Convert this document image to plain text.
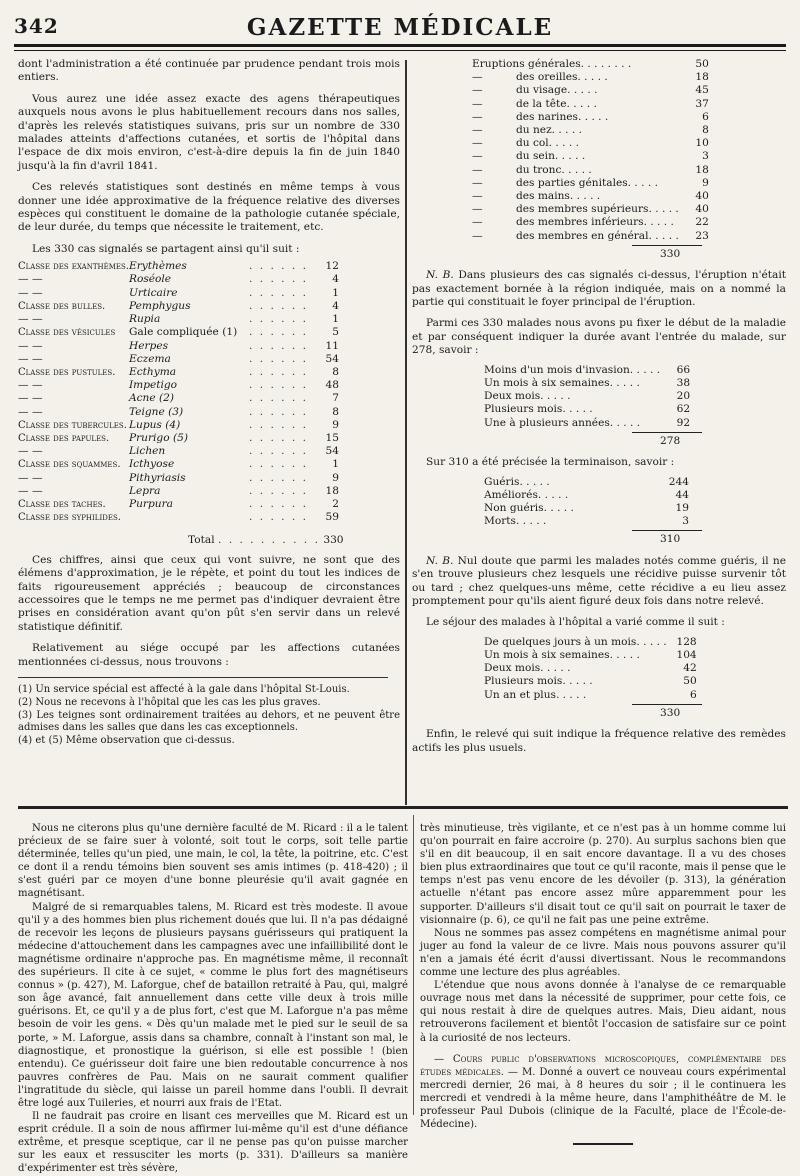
GAZETTE MÉDICALE
342

dont l'administration a été continuée par prudence pendant trois mois entiers.

Vous aurez une idée assez exacte des agens thérapeutiques auxquels nous avons le plus habituellement recours dans nos salles, d'après les relevés statistiques suivans, pris sur un nombre de 330 malades atteints d'affections cutanées, et sortis de l'hôpital dans l'espace de dix mois environ, c'est-à-dire depuis la fin de juin 1840 jusqu'à la fin d'avril 1841.

Ces relevés statistiques sont destinés en même temps à vous donner une idée approximative de la fréquence relative des diverses espèces qui constituent le domaine de la pathologie cutanée spéciale, de leur durée, du temps que nécessite le traitement, etc.

Les 330 cas signalés se partagent ainsi qu'il suit :

Classe des exanthèmes.	Erythèmes	. . . . . .	12
— —	Roséole	. . . . . .	4
— —	Urticaire	. . . . . .	1
Classe des bulles.	Pemphygus	. . . . . .	4
— —	Rupia	. . . . . .	1
Classe des vésicules	Gale compliquée (1)	. . . . . .	5
— —	Herpes	. . . . . .	11
— —	Eczema	. . . . . .	54
Classe des pustules.	Ecthyma	. . . . . .	8
— —	Impetigo	. . . . . .	48
— —	Acne (2)	. . . . . .	7
— —	Teigne (3)	. . . . . .	8
Classe des tubercules.	Lupus (4)	. . . . . .	9
Classe des papules.	Prurigo (5)	. . . . . .	15
— —	Lichen	. . . . . .	54
Classe des squammes.	Icthyose	. . . . . .	1
— —	Pithyriasis	. . . . . .	9
— —	Lepra	. . . . . .	18
Classe des taches.	Purpura	. . . . . .	2
Classe des syphilides.		. . . . . .	59
Total . . . . . . . . . . 330

Ces chiffres, ainsi que ceux qui vont suivre, ne sont que des élémens d'approximation, je le répète, et point du tout les indices de faits rigoureusement appréciés ; beaucoup de circonstances accessoires que le temps ne me permet pas d'indiquer devraient être prises en considération avant qu'on pût s'en servir dans un relevé statistique définitif.

Relativement au siége occupé par les affections cutanées mentionnées ci-dessus, nous trouvons :

(1) Un service spécial est affecté à la gale dans l'hôpital St-Louis.
(2) Nous ne recevons à l'hôpital que les cas les plus graves.
(3) Les teignes sont ordinairement traitées au dehors, et ne peuvent être admises dans les salles que dans les cas exceptionnels.
(4) et (5) Même observation que ci-dessus.
Eruptions générales. . . . . . . .		50
—	des oreilles. . . . .	18
—	du visage. . . . .	45
—	de la tête. . . . .	37
—	des narines. . . . .	6
—	du nez. . . . .	8
—	du col. . . . .	10
—	du sein. . . . .	3
—	du tronc. . . . .	18
—	des parties génitales. . . . .	9
—	des mains. . . . .	40
—	des membres supérieurs. . . . .	40
—	des membres inférieurs. . . . .	22
—	des membres en général. . . . .	23
330

N. B. Dans plusieurs des cas signalés ci-dessus, l'éruption n'était pas exactement bornée à la région indiquée, mais on a nommé la partie qui constituait le foyer principal de l'éruption.

Parmi ces 330 malades nous avons pu fixer le début de la maladie et par conséquent indiquer la durée avant l'entrée du malade, sur 278, savoir :

Moins d'un mois d'invasion. . . . .	66
Un mois à six semaines. . . . .	38
Deux mois. . . . .	20
Plusieurs mois. . . . .	62
Une à plusieurs années. . . . .	92
278

Sur 310 a été précisée la terminaison, savoir :

Guéris. . . . .	244
Améliorés. . . . .	44
Non guéris. . . . .	19
Morts. . . . .	3
310

N. B. Nul doute que parmi les malades notés comme guéris, il ne s'en trouve plusieurs chez lesquels une récidive puisse survenir tôt ou tard ; chez quelques-uns même, cette récidive a eu lieu assez promptement pour qu'ils aient figuré deux fois dans notre relevé.

Le séjour des malades à l'hôpital a varié comme il suit :

De quelques jours à un mois. . . . .	128
Un mois à six semaines. . . . .	104
Deux mois. . . . .	42
Plusieurs mois. . . . .	50
Un an et plus. . . . .	6
330

Enfin, le relevé qui suit indique la fréquence relative des remèdes actifs les plus usuels.

Nous ne citerons plus qu'une dernière faculté de M. Ricard : il a le talent précieux de se faire suer à volonté, soit tout le corps, soit telle partie déterminée, telles qu'un pied, une main, le col, la tête, la poitrine, etc. C'est ce dont il a rendu témoins bien souvent ses amis intimes (p. 418-420) ; il s'est guéri par ce moyen d'une bonne pleurésie qu'il avait gagnée en magnétisant.

Malgré de si remarquables talens, M. Ricard est très modeste. Il avoue qu'il y a des hommes bien plus richement doués que lui. Il n'a pas dédaigné de recevoir les leçons de plusieurs paysans guérisseurs qui pratiquent la médecine d'attouchement dans les campagnes avec une infaillibilité dont le magnétisme ordinaire n'approche pas. En magnétisme même, il reconnaît des supérieurs. Il cite à ce sujet, « comme le plus fort des magnétiseurs connus » (p. 427), M. Laforgue, chef de bataillon retraité à Pau, qui, malgré son âge avancé, fait annuellement dans cette ville deux à trois mille guérisons. Et, ce qu'il y a de plus fort, c'est que M. Laforgue n'a pas même besoin de voir les gens. « Dès qu'un malade met le pied sur le seuil de sa porte, » M. Laforgue, assis dans sa chambre, connaît à l'instant son mal, le diagnostique, et pronostique la guérison, si elle est possible ! (bien entendu). Ce guérisseur doit faire une bien redoutable concurrence à nos pauvres confrères de Pau. Mais on ne saurait comment qualifier l'ingratitude du siècle, qui laisse un pareil homme dans l'oubli. Il devrait être logé aux Tuileries, et nourri aux frais de l'Etat.

Il ne faudrait pas croire en lisant ces merveilles que M. Ricard est un esprit crédule. Il a soin de nous affirmer lui-même qu'il est d'une défiance extrême, et presque sceptique, car il ne pense pas qu'on puisse marcher sur les eaux et ressusciter les morts (p. 331). D'ailleurs sa manière d'expérimenter est très sévère,

très minutieuse, très vigilante, et ce n'est pas à un homme comme lui qu'on pourrait en faire accroire (p. 270). Au surplus sachons bien que s'il en dit beaucoup, il en sait encore davantage. Il a vu des choses bien plus extraordinaires que tout ce qu'il raconte, mais il pense que le temps n'est pas venu encore de les dévoiler (p. 313), la génération actuelle n'étant pas encore assez mûre apparemment pour les supporter. D'ailleurs s'il disait tout ce qu'il sait on pourrait le taxer de visionnaire (p. 6), ce qu'il ne fait pas une peine extrême.

Nous ne sommes pas assez compétens en magnétisme animal pour juger au fond la valeur de ce livre. Mais nous pouvons assurer qu'il n'en a jamais été écrit d'aussi divertissant. Nous le recommandons comme une lecture des plus agréables.

L'étendue que nous avons donnée à l'analyse de ce remarquable ouvrage nous met dans la nécessité de supprimer, pour cette fois, ce qui nous restait à dire de quelques autres. Mais, Dieu aidant, nous retrouverons facilement et bientôt l'occasion de satisfaire sur ce point à la curiosité de nos lecteurs.

— Cours public d'observations microscopiques, complémentaire des études médicales. — M. Donné a ouvert ce nouveau cours expérimental mercredi dernier, 26 mai, à 8 heures du soir ; il le continuera les mercredi et vendredi à la même heure, dans l'amphithéâtre de M. le professeur Paul Dubois (clinique de la Faculté, place de l'École-de-Médecine).
